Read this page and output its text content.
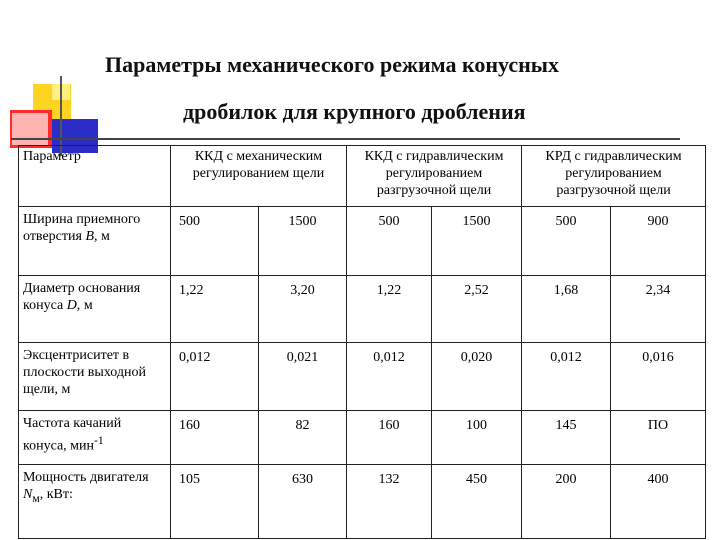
Параметры механического режима конусных
дробилок для крупного дробления
Параметр	ККД с механическим регулированием щели		ККД с гидравлическим регулированием разгрузочной щели		КРД с гидравлическим регулированием разгрузочной щели	
Ширина приемного отверстия В, м	500	1500	500	1500	500	900
Диаметр основания конуса D, м	1,22	3,20	1,22	2,52	1,68	2,34
Эксцентриситет в плоскости выходной щели, м	0,012	0,021	0,012	0,020	0,012	0,016
Частота качаний конуса, мин$^{-1}$	160	82	160	100	145	ПО
Мощность двигателя $N_м$, кВт:	105	630	132	450	200	400
